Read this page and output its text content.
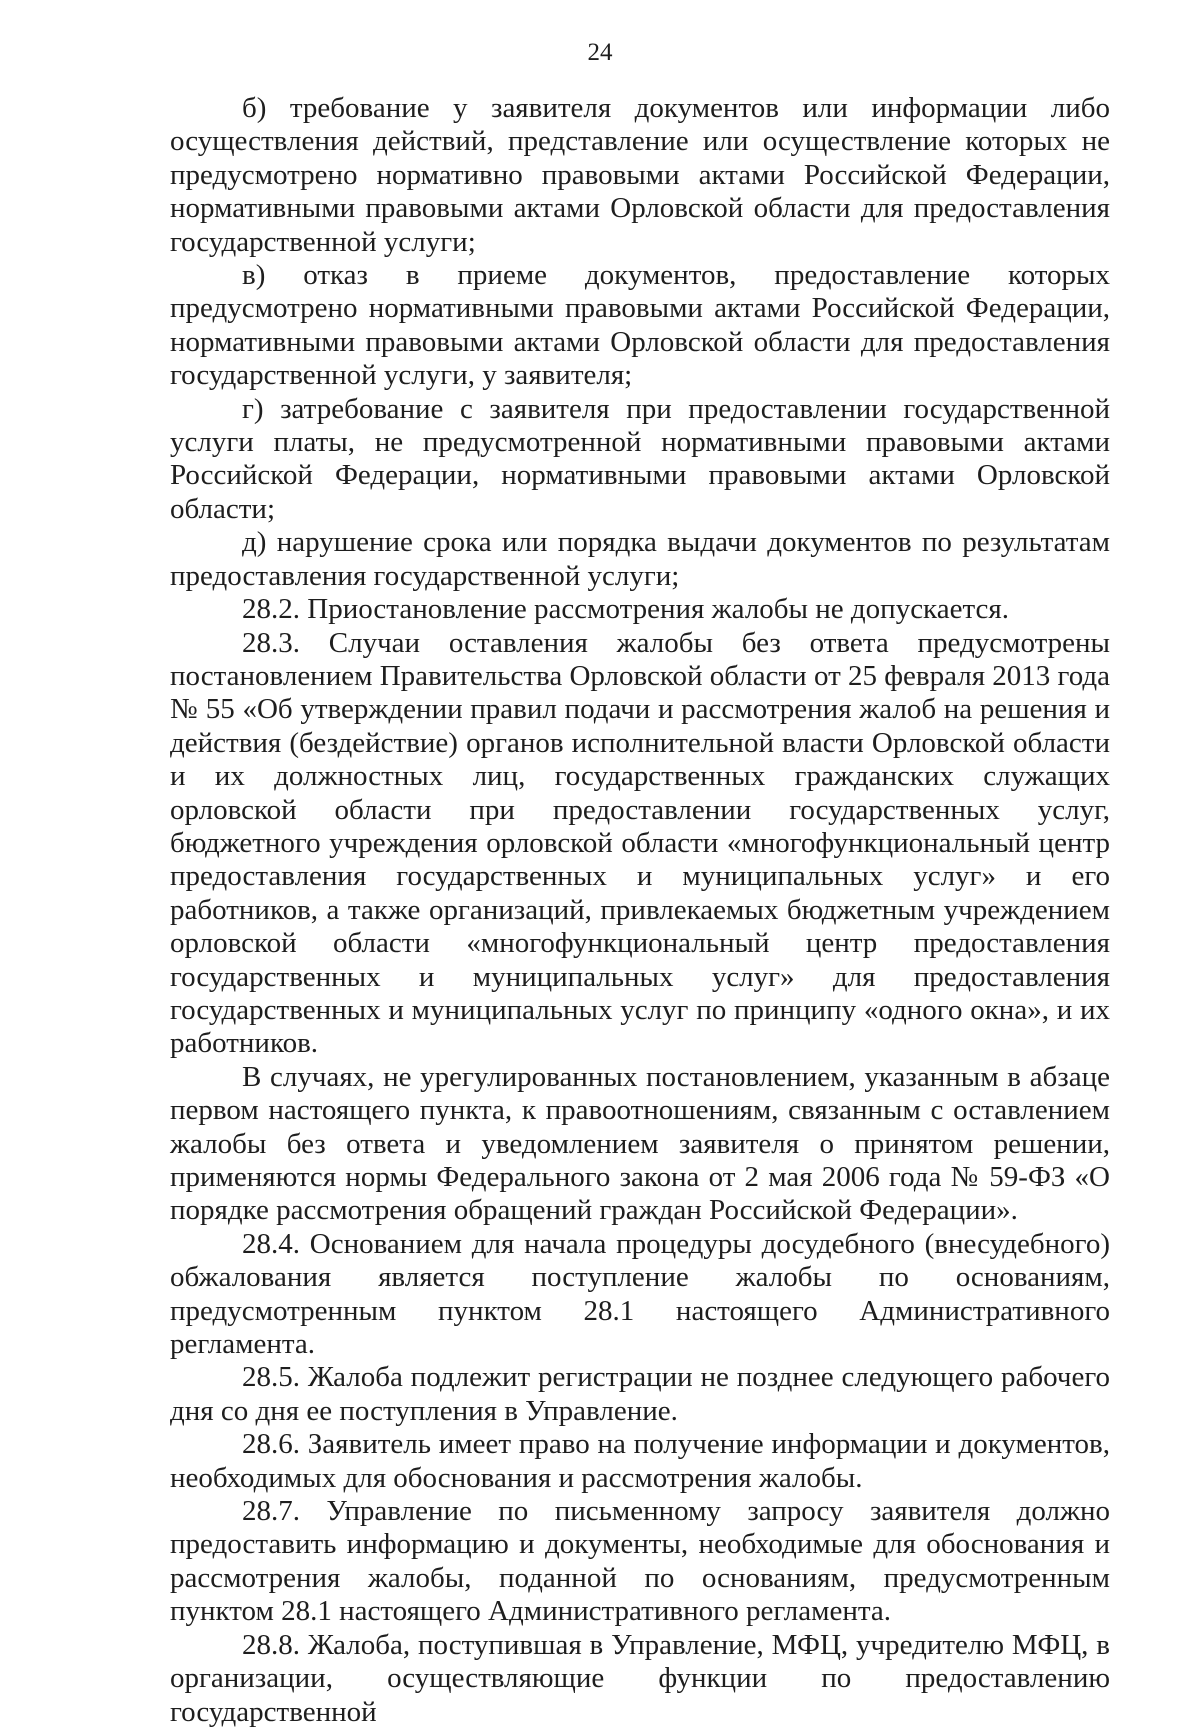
24

б) требование у заявителя документов или информации либо осуществления действий, представление или осуществление которых не предусмотрено нормативно правовыми актами Российской Федерации, нормативными правовыми актами Орловской области для предоставления государственной услуги;

в) отказ в приеме документов, предоставление которых предусмотрено нормативными правовыми актами Российской Федерации, нормативными правовыми актами Орловской области для предоставления государственной услуги, у заявителя;

г) затребование с заявителя при предоставлении государственной услуги платы, не предусмотренной нормативными правовыми актами Российской Федерации, нормативными правовыми актами Орловской области;

д) нарушение срока или порядка выдачи документов по результатам предоставления государственной услуги;

28.2. Приостановление рассмотрения жалобы не допускается.

28.3. Случаи оставления жалобы без ответа предусмотрены постановлением Правительства Орловской области от 25 февраля 2013 года № 55 «Об утверждении правил подачи и рассмотрения жалоб на решения и действия (бездействие) органов исполнительной власти Орловской области и их должностных лиц, государственных гражданских служащих орловской области при предоставлении государственных услуг, бюджетного учреждения орловской области «многофункциональный центр предоставления государственных и муниципальных услуг» и его работников, а также организаций, привлекаемых бюджетным учреждением орловской области «многофункциональный центр предоставления государственных и муниципальных услуг» для предоставления государственных и муниципальных услуг по принципу «одного окна», и их работников.

В случаях, не урегулированных постановлением, указанным в абзаце первом настоящего пункта, к правоотношениям, связанным с оставлением жалобы без ответа и уведомлением заявителя о принятом решении, применяются нормы Федерального закона от 2 мая 2006 года № 59-ФЗ «О порядке рассмотрения обращений граждан Российской Федерации».

28.4. Основанием для начала процедуры досудебного (внесудебного) обжалования является поступление жалобы по основаниям, предусмотренным пунктом 28.1 настоящего Административного регламента.

28.5. Жалоба подлежит регистрации не позднее следующего рабочего дня со дня ее поступления в Управление.

28.6. Заявитель имеет право на получение информации и документов, необходимых для обоснования и рассмотрения жалобы.

28.7. Управление по письменному запросу заявителя должно предоставить информацию и документы, необходимые для обоснования и рассмотрения жалобы, поданной по основаниям, предусмотренным пунктом 28.1 настоящего Административного регламента.

28.8. Жалоба, поступившая в Управление, МФЦ, учредителю МФЦ, в организации, осуществляющие функции по предоставлению государственной
